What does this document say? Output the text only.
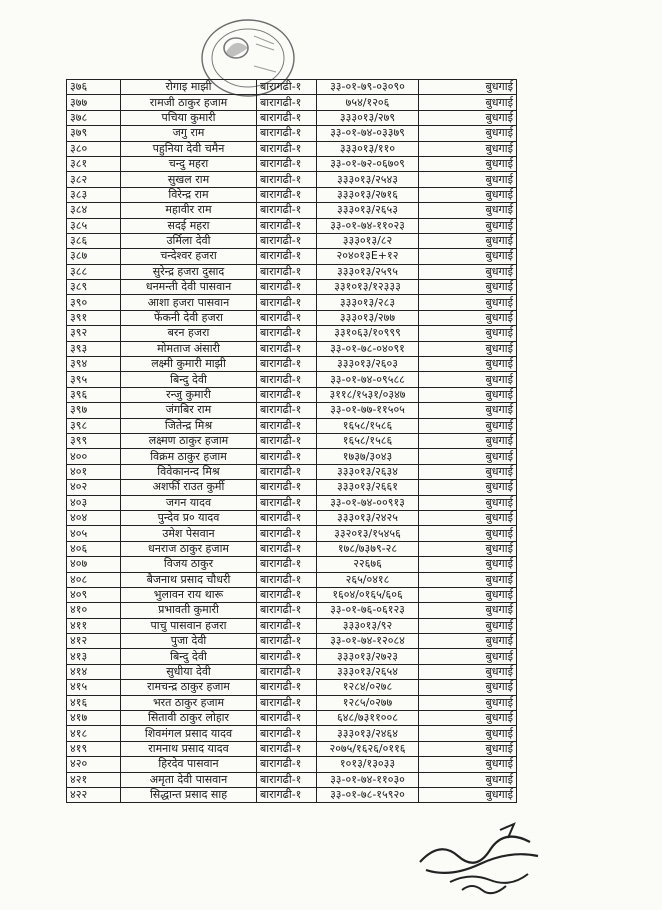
३७६	रोगाइ माझी	बारागढी-१	३३-०१-७९-०३०९०	बुधगाई
३७७	रामजी ठाकुर हजाम	बारागढी-१	७५४/१२०६	बुधगाई
३७८	पचिया कुमारी	बारागढी-१	३३३०१३/२७९	बुधगाई
३७९	जगु राम	बारागढी-१	३३-०१-७४-०३३७९	बुधगाई
३८०	पहुनिया देवी चमैन	बारागढी-१	३३३०१३/११०	बुधगाई
३८१	चन्दु महरा	बारागढी-१	३३-०१-७२-०६७०९	बुधगाई
३८२	सुखल राम	बारागढी-१	३३३०१३/२५४३	बुधगाई
३८३	विरेन्द्र राम	बारागढी-१	३३३०१३/२७१६	बुधगाई
३८४	महावीर राम	बारागढी-१	३३३०१३/२६५३	बुधगाई
३८५	सदई महरा	बारागढी-१	३३-०१-७४-११०२३	बुधगाई
३८६	उर्मिला देवी	बारागढी-१	३३३०१३/८२	बुधगाई
३८७	चन्देश्वर हजरा	बारागढी-१	२०४०१३E+१२	बुधगाई
३८८	सुरेन्द्र हजरा दुसाद	बारागढी-१	३३३०१३/२५९५	बुधगाई
३८९	धनमन्ती देवी पासवान	बारागढी-१	३३१०१३/१२३३३	बुधगाई
३९०	आशा हजरा पासवान	बारागढी-१	३३३०१३/२८३	बुधगाई
३९१	फेंकनी देवी हजरा	बारागढी-१	३३३०१३/२७७	बुधगाई
३९२	बरन हजरा	बारागढी-१	३३१०६३/१०९९९	बुधगाई
३९३	मोमताज अंसारी	बारागढी-१	३३-०१-७८-०४०९१	बुधगाई
३९४	लक्ष्मी कुमारी माझी	बारागढी-१	३३३०१३/२६०३	बुधगाई
३९५	बिन्दु देवी	बारागढी-१	३३-०१-७४-०९५८८	बुधगाई
३९६	रन्जु कुमारी	बारागढी-१	३११८/१५३१/०३४७	बुधगाई
३९७	जंगबिर राम	बारागढी-१	३३-०१-७७-११५०५	बुधगाई
३९८	जितेन्द्र मिश्र	बारागढी-१	१६५८/१५८६	बुधगाई
३९९	लक्ष्मण ठाकुर हजाम	बारागढी-१	१६५८/१५८६	बुधगाई
४००	विक्रम ठाकुर हजाम	बारागढी-१	१७३७/३०४३	बुधगाई
४०१	विवेकानन्द मिश्र	बारागढी-१	३३३०१३/२६३४	बुधगाई
४०२	अशर्फी राउत कुर्मी	बारागढी-१	३३३०१३/२६६१	बुधगाई
४०३	जगन यादव	बारागढी-१	३३-०१-७४-००९१३	बुधगाई
४०४	पुन्देव प्र० यादव	बारागढी-१	३३३०१३/२४२५	बुधगाई
४०५	उमेश पेसवान	बारागढी-१	३३२०१३/१५४५६	बुधगाई
४०६	धनराज ठाकुर हजाम	बारागढी-१	१७८/७३७९-२८	बुधगाई
४०७	विजय ठाकुर	बारागढी-१	२२६७६	बुधगाई
४०८	बैजनाथ प्रसाद चौधरी	बारागढी-१	२६५/०४१८	बुधगाई
४०९	भुलावन राय थारू	बारागढी-१	१६०४/०१६५/६०६	बुधगाई
४१०	प्रभावती कुमारी	बारागढी-१	३३-०१-७६-०६१२३	बुधगाई
४११	पाचु पासवान हजरा	बारागढी-१	३३३०१३/९२	बुधगाई
४१२	पुजा देवी	बारागढी-१	३३-०१-७४-१२०८४	बुधगाई
४१३	बिन्दु देवी	बारागढी-१	३३३०१३/२७२३	बुधगाई
४१४	सुधीया देवी	बारागढी-१	३३३०१३/२६५४	बुधगाई
४१५	रामचन्द्र ठाकुर हजाम	बारागढी-१	१२८४/०२७८	बुधगाई
४१६	भरत ठाकुर हजाम	बारागढी-१	१२८५/०२७७	बुधगाई
४१७	सितावी ठाकुर लोहार	बारागढी-१	६४८/७३११००८	बुधगाई
४१८	शिवमंगल प्रसाद यादव	बारागढी-१	३३३०१३/२४६४	बुधगाई
४१९	रामनाथ प्रसाद यादव	बारागढी-१	२०७५/१६२६/०११६	बुधगाई
४२०	हिरदेव पासवान	बारागढी-१	१०१३/१३०३३	बुधगाई
४२१	अमृता देवी पासवान	बारागढी-१	३३-०१-७४-११०३०	बुधगाई
४२२	सिद्धान्त प्रसाद साह	बारागढी-१	३३-०१-७८-१५९२०	बुधगाई
